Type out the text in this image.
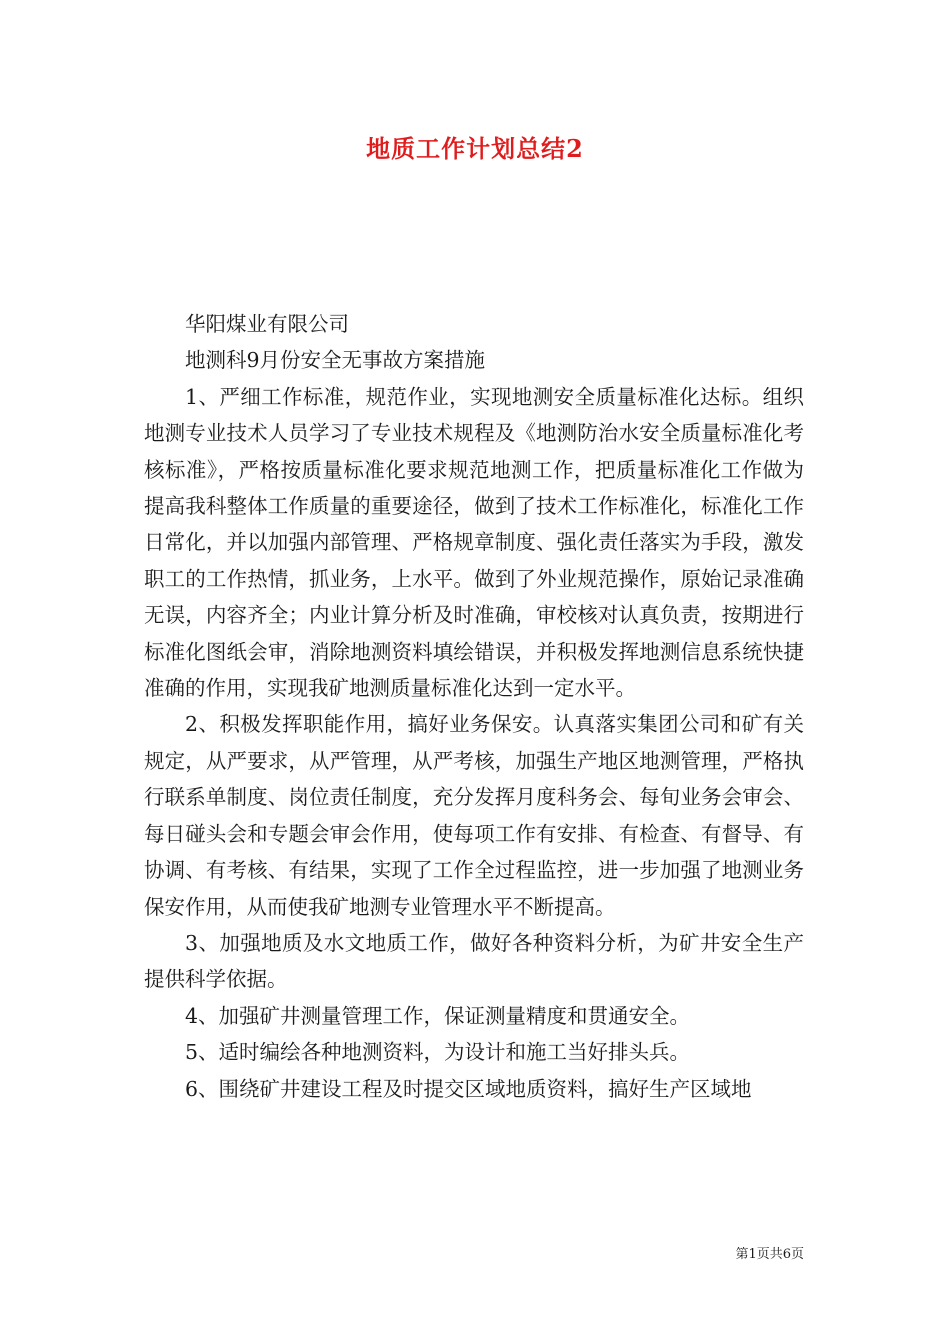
地质工作计划总结2

华阳煤业有限公司

地测科9月份安全无事故方案措施

1、严细工作标准，规范作业，实现地测安全质量标准化达标。组织地测专业技术人员学习了专业技术规程及《地测防治水安全质量标准化考核标准》，严格按质量标准化要求规范地测工作，把质量标准化工作做为提高我科整体工作质量的重要途径，做到了技术工作标准化，标准化工作日常化，并以加强内部管理、严格规章制度、强化责任落实为手段，激发职工的工作热情，抓业务，上水平。做到了外业规范操作，原始记录准确无误，内容齐全；内业计算分析及时准确，审校核对认真负责，按期进行标准化图纸会审，消除地测资料填绘错误，并积极发挥地测信息系统快捷准确的作用，实现我矿地测质量标准化达到一定水平。

2、积极发挥职能作用，搞好业务保安。认真落实集团公司和矿有关规定，从严要求，从严管理，从严考核，加强生产地区地测管理，严格执行联系单制度、岗位责任制度，充分发挥月度科务会、每旬业务会审会、每日碰头会和专题会审会作用，使每项工作有安排、有检查、有督导、有协调、有考核、有结果，实现了工作全过程监控，进一步加强了地测业务保安作用，从而使我矿地测专业管理水平不断提高。

3、加强地质及水文地质工作，做好各种资料分析，为矿井安全生产提供科学依据。

4、加强矿井测量管理工作，保证测量精度和贯通安全。

5、适时编绘各种地测资料，为设计和施工当好排头兵。

6、围绕矿井建设工程及时提交区域地质资料，搞好生产区域地

第1页共6页
